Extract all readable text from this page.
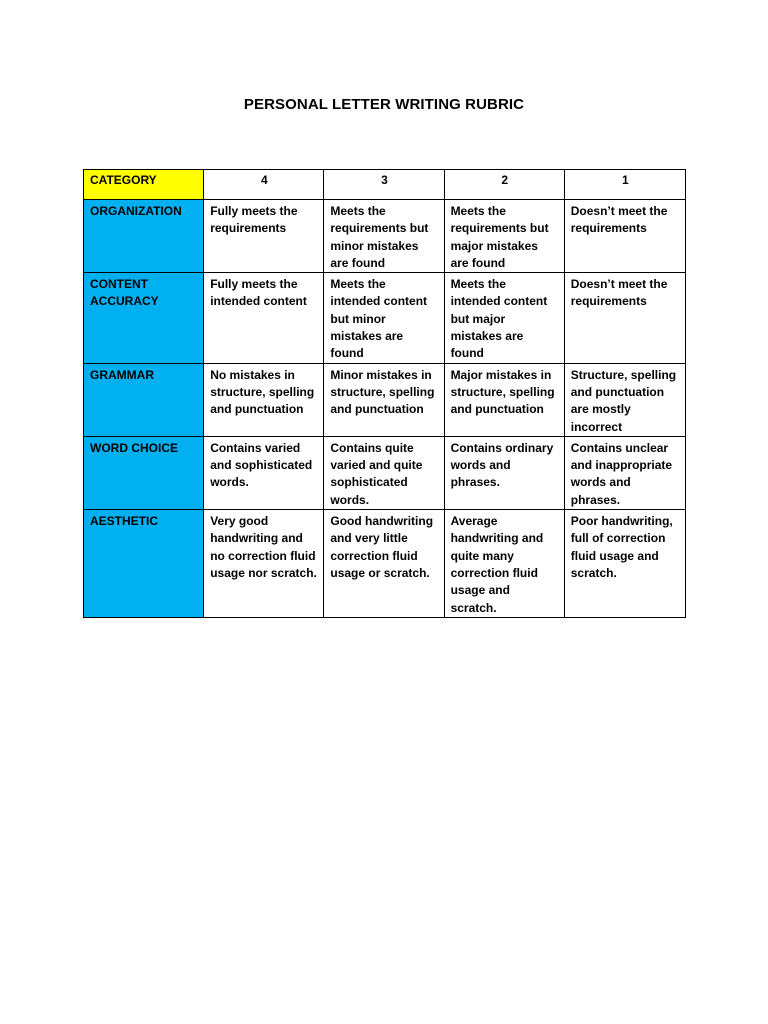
PERSONAL LETTER WRITING RUBRIC
CATEGORY	4	3	2	1
ORGANIZATION	Fully meets the requirements	Meets the requirements but minor mistakes are found	Meets the requirements but major mistakes are found	Doesn’t meet the requirements
CONTENT ACCURACY	Fully meets the intended content	Meets the intended content but minor mistakes are found	Meets the intended content but major mistakes are found	Doesn’t meet the requirements
GRAMMAR	No mistakes in structure, spelling and punctuation	Minor mistakes in structure, spelling and punctuation	Major mistakes in structure, spelling and punctuation	Structure, spelling and punctuation are mostly incorrect
WORD CHOICE	Contains varied and sophisticated words.	Contains quite varied and quite sophisticated words.	Contains ordinary words and phrases.	Contains unclear and inappropriate words and phrases.
AESTHETIC	Very good handwriting and no correction fluid usage nor scratch.	Good handwriting and very little correction fluid usage or scratch.	Average handwriting and quite many correction fluid usage and scratch.	Poor handwriting, full of correction fluid usage and scratch.
